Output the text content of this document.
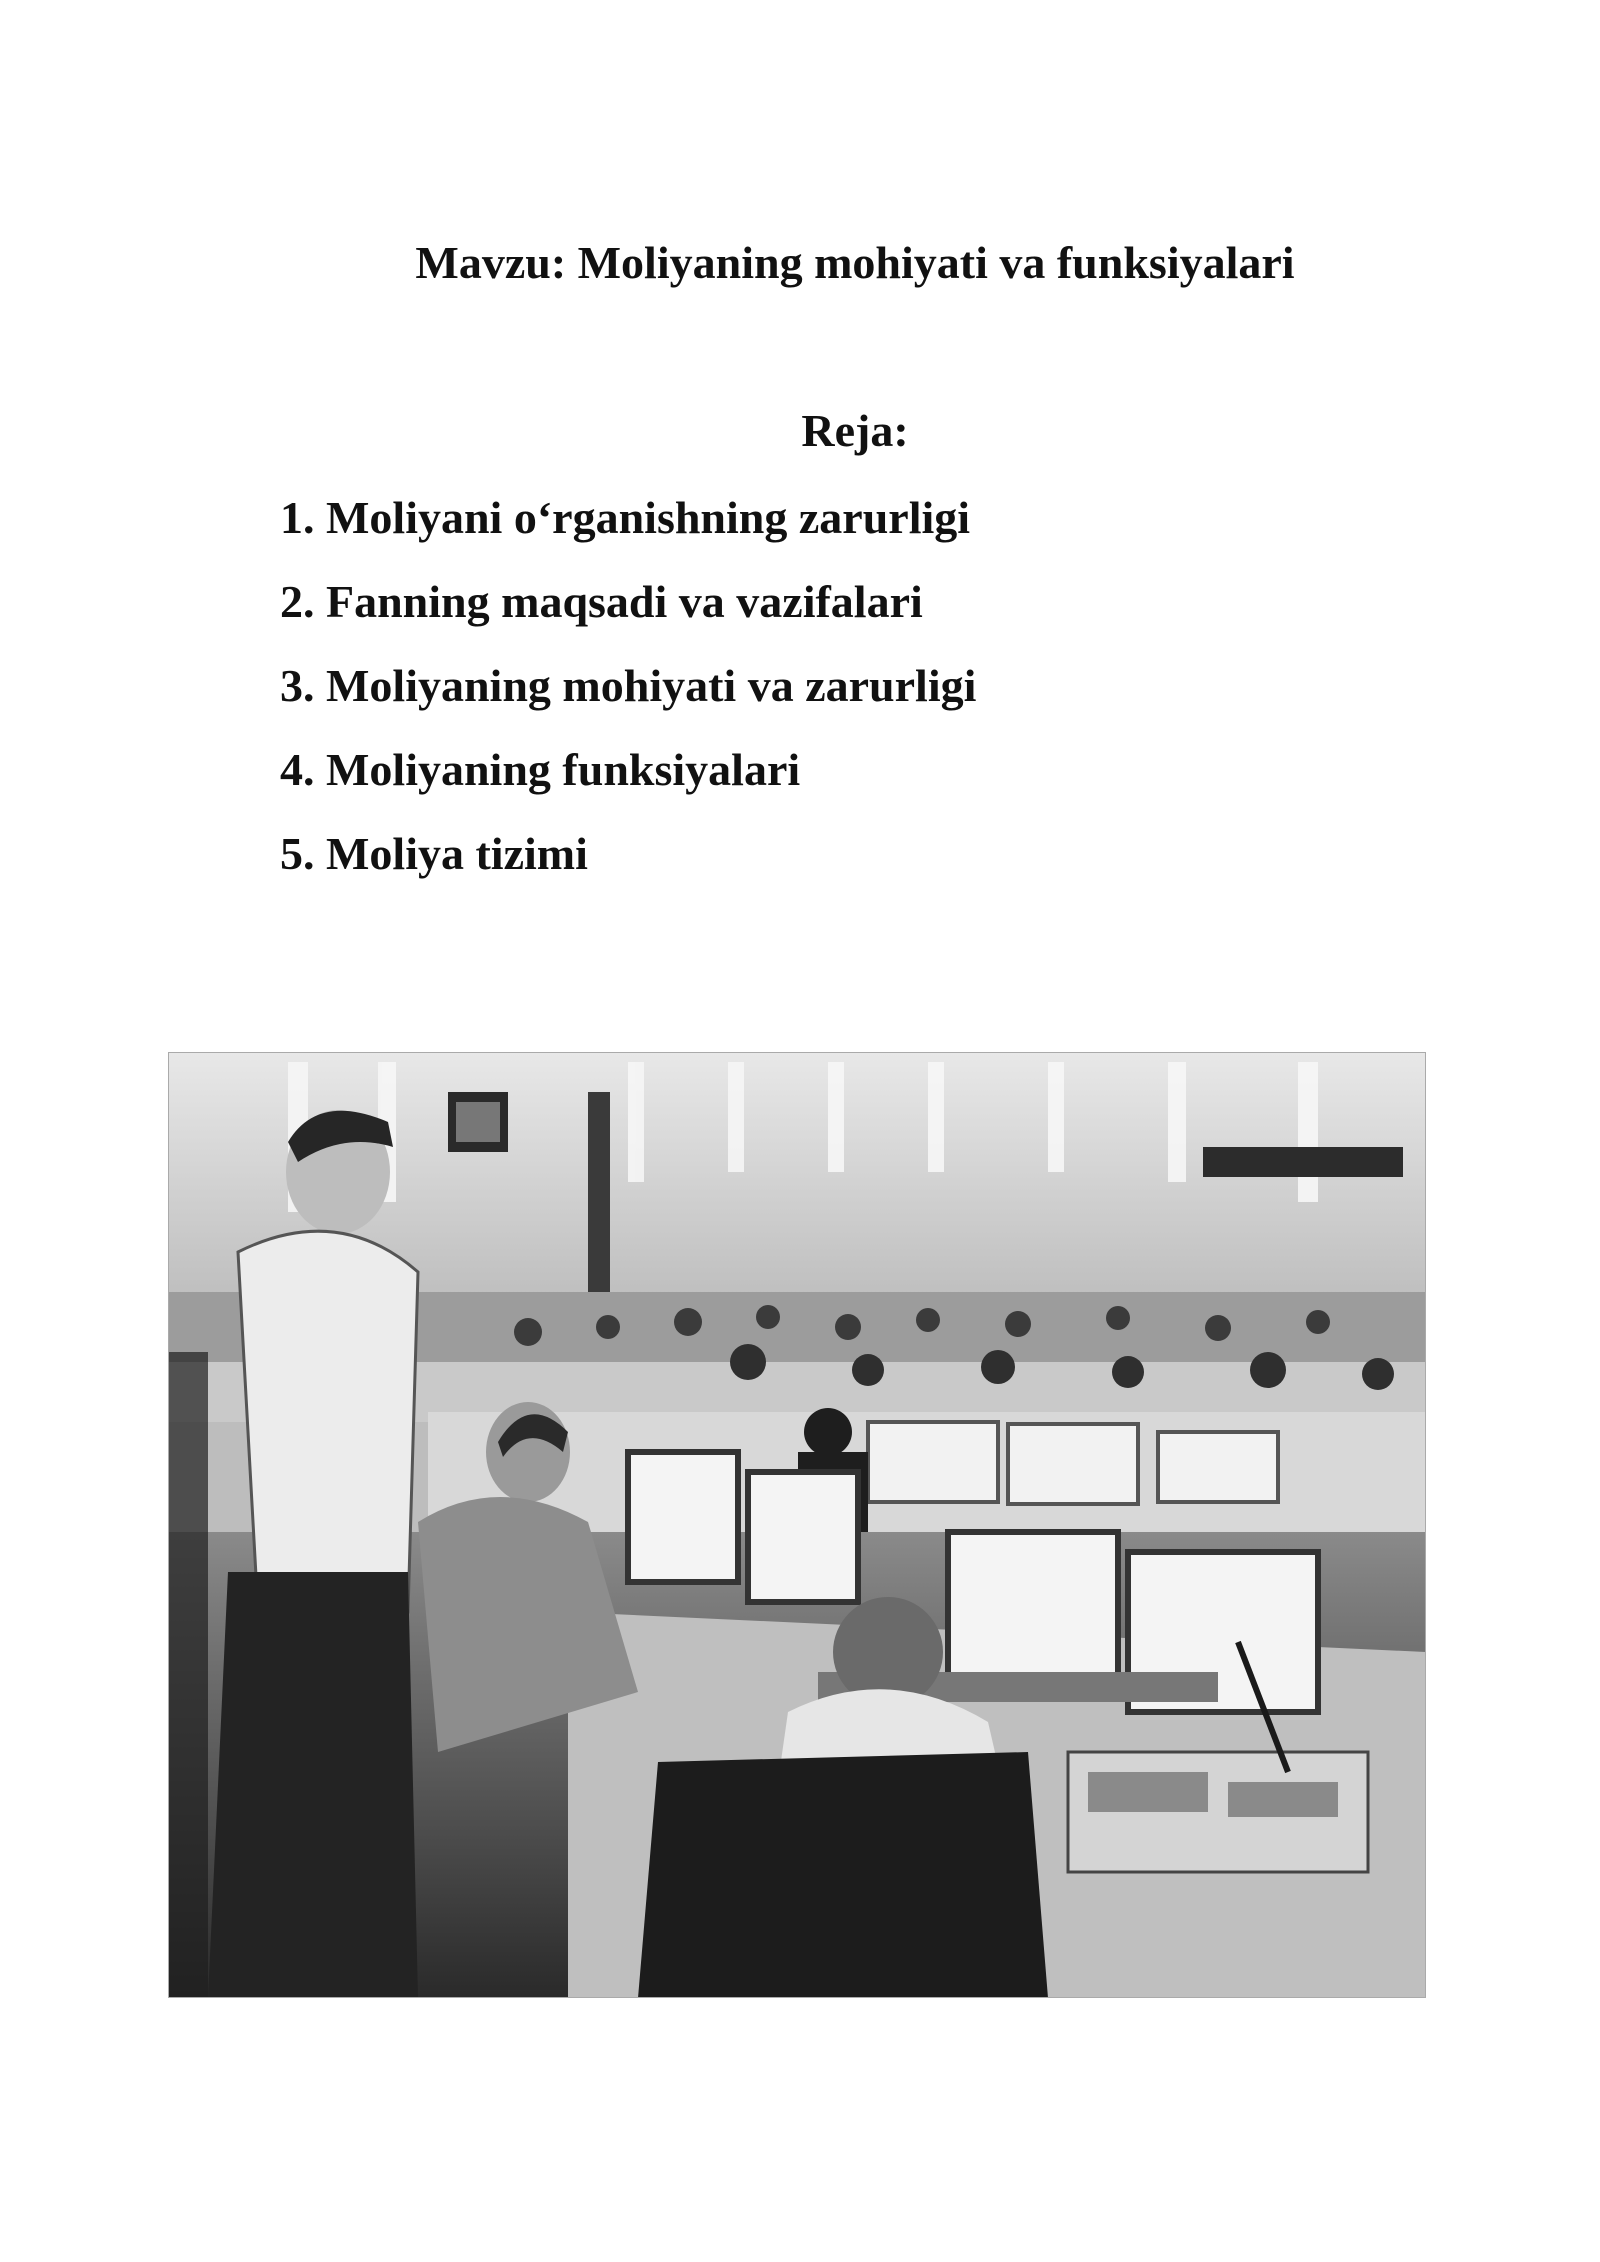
Mavzu: Moliyaning mohiyati va funksiyalari
Reja:
1. Moliyani o‘rganishning zarurligi
2. Fanning maqsadi va vazifalari
3. Moliyaning mohiyati va zarurligi
4. Moliyaning funksiyalari
5. Moliya tizimi
